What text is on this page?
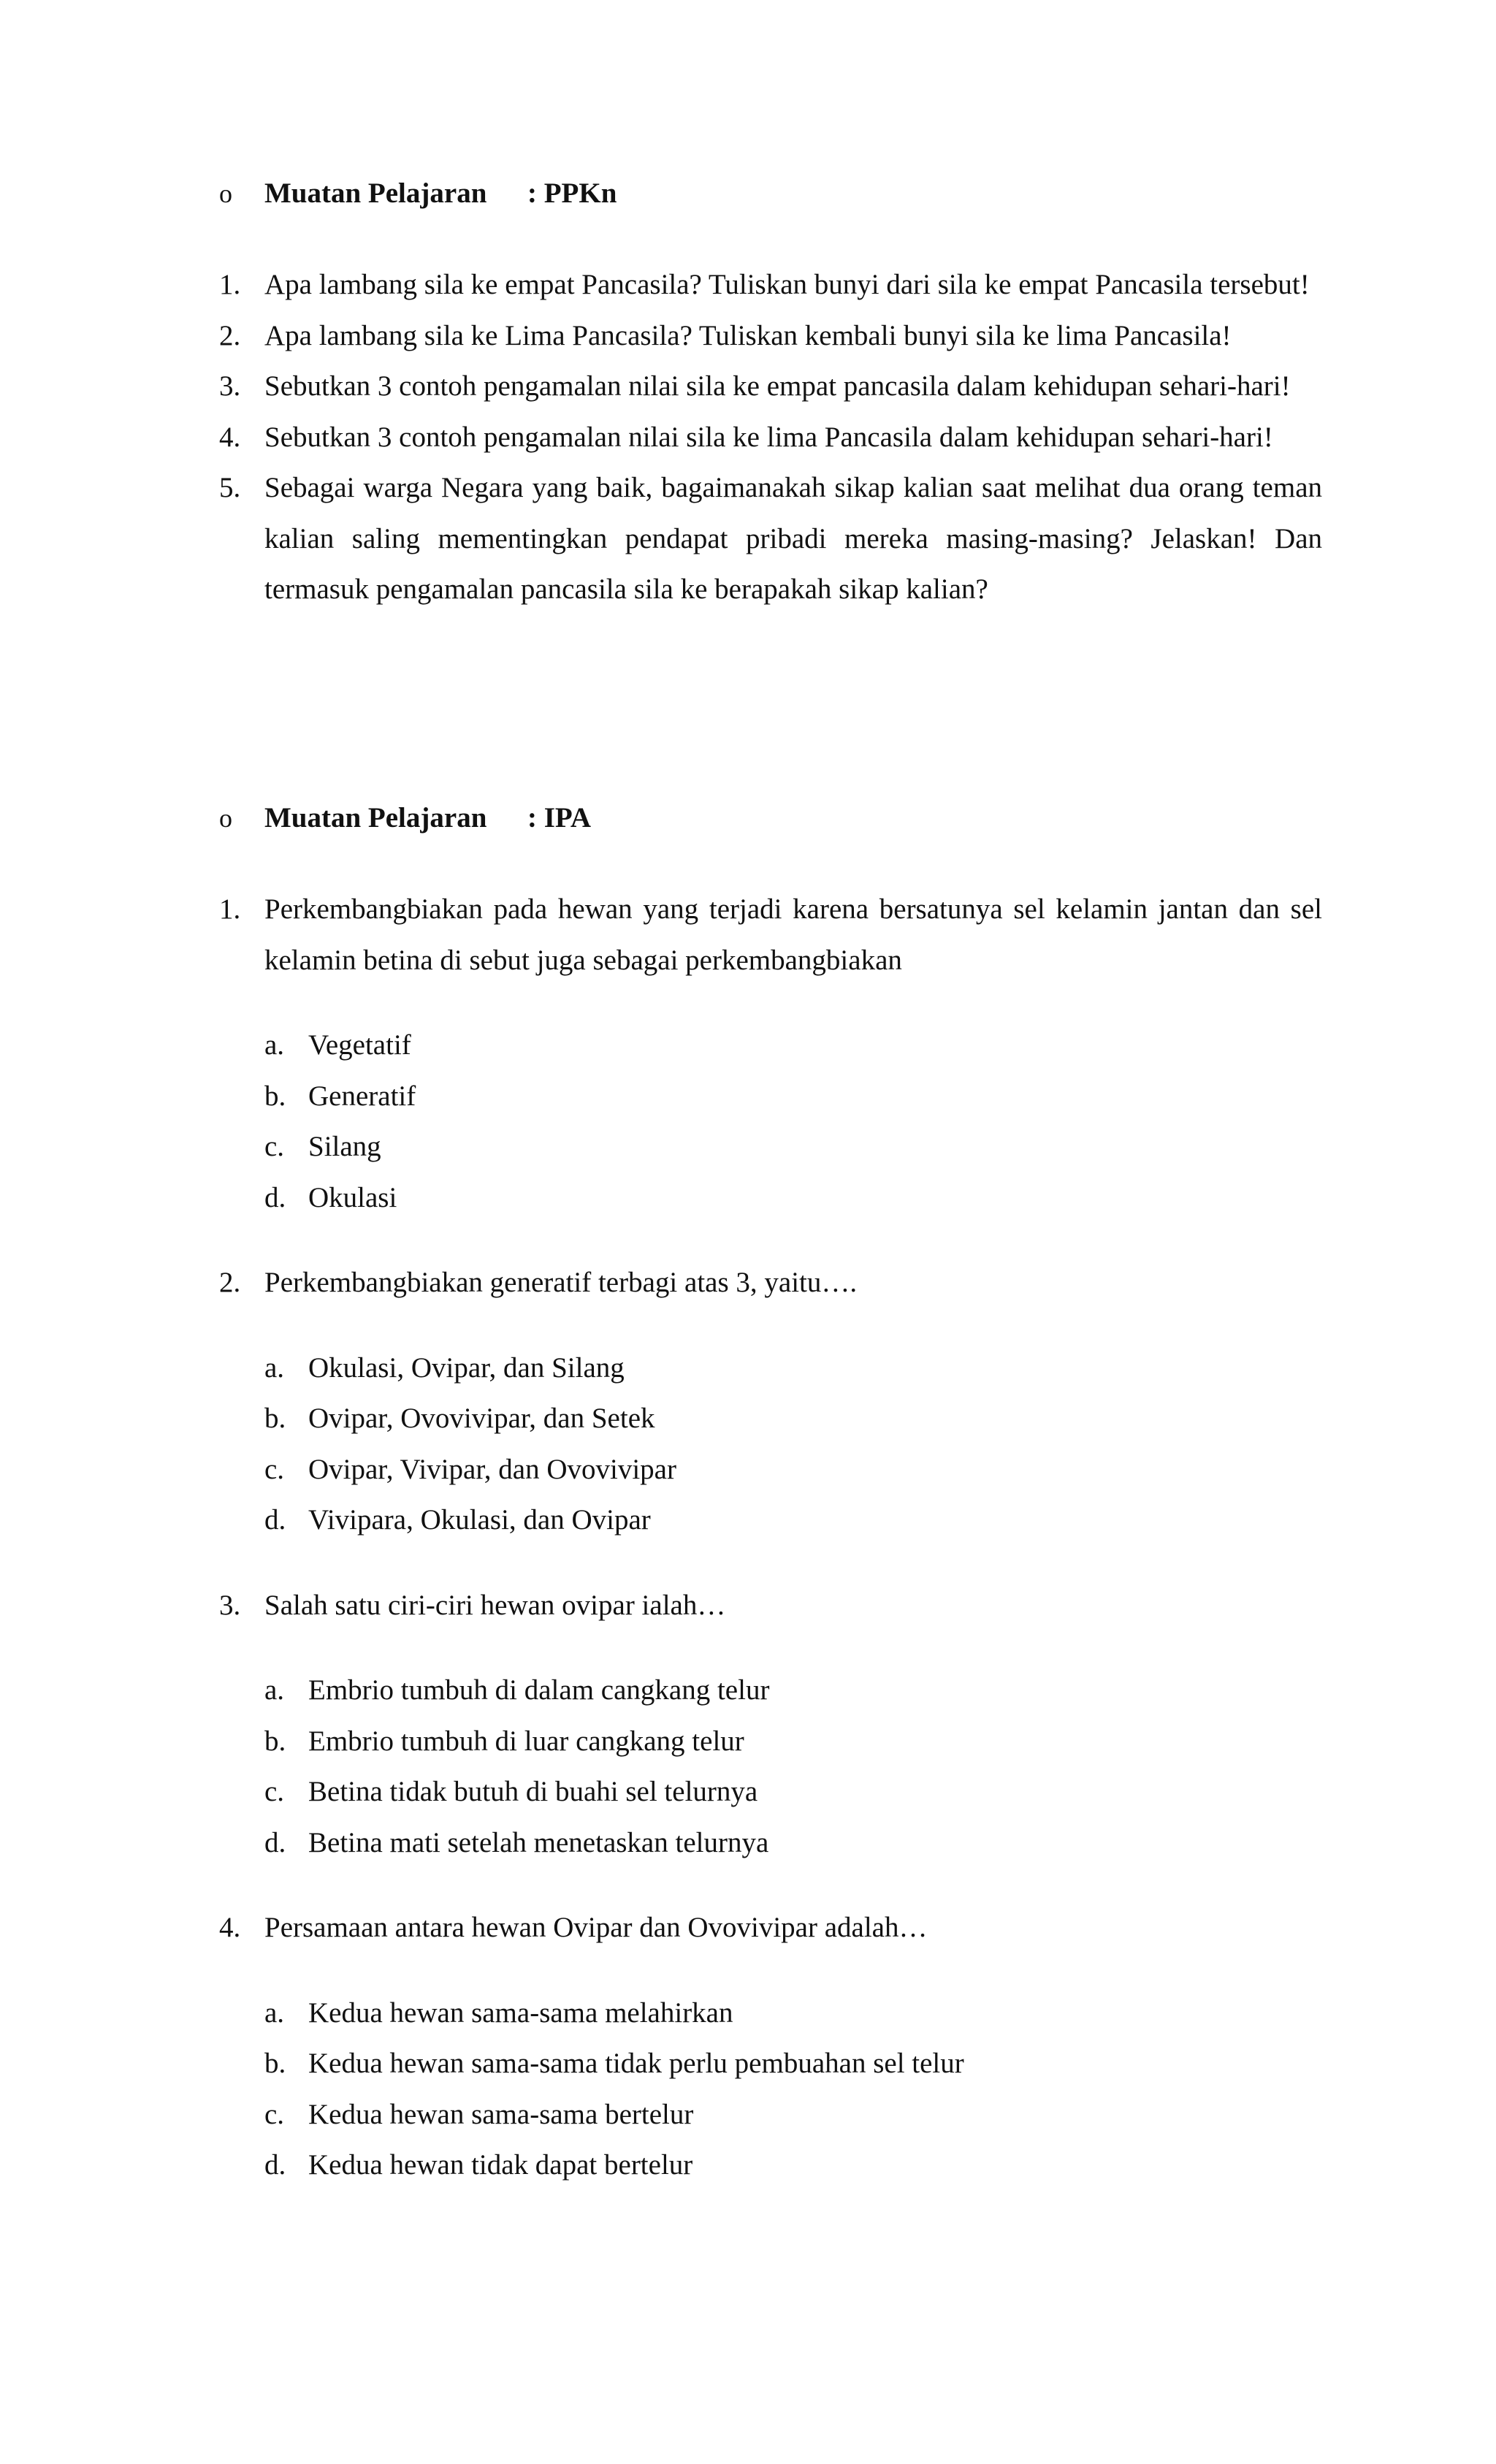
o Muatan Pelajaran : PPKn
1. Apa lambang sila ke empat Pancasila? Tuliskan bunyi dari sila ke empat Pancasila tersebut!
2. Apa lambang sila ke Lima Pancasila? Tuliskan kembali bunyi sila ke lima Pancasila!
3. Sebutkan 3 contoh pengamalan nilai sila ke empat pancasila dalam kehidupan sehari-hari!
4. Sebutkan 3 contoh pengamalan nilai sila ke lima Pancasila dalam kehidupan sehari-hari!
5. Sebagai warga Negara yang baik, bagaimanakah sikap kalian saat melihat dua orang teman kalian saling mementingkan pendapat pribadi mereka masing-masing? Jelaskan! Dan termasuk pengamalan pancasila sila ke berapakah sikap kalian?
o Muatan Pelajaran : IPA
1. Perkembangbiakan pada hewan yang terjadi karena bersatunya sel kelamin jantan dan sel kelamin betina di sebut juga sebagai perkembangbiakan
a. Vegetatif
b. Generatif
c. Silang
d. Okulasi
2. Perkembangbiakan generatif terbagi atas 3, yaitu….
a. Okulasi, Ovipar, dan Silang
b. Ovipar, Ovovivipar, dan Setek
c. Ovipar, Vivipar, dan Ovovivipar
d. Vivipara, Okulasi, dan Ovipar
3. Salah satu ciri-ciri hewan ovipar ialah…
a. Embrio tumbuh di dalam cangkang telur
b. Embrio tumbuh di luar cangkang telur
c. Betina tidak butuh di buahi sel telurnya
d. Betina mati setelah menetaskan telurnya
4. Persamaan antara hewan Ovipar dan Ovovivipar adalah…
a. Kedua hewan sama-sama melahirkan
b. Kedua hewan sama-sama tidak perlu pembuahan sel telur
c. Kedua hewan sama-sama bertelur
d. Kedua hewan tidak dapat bertelur
